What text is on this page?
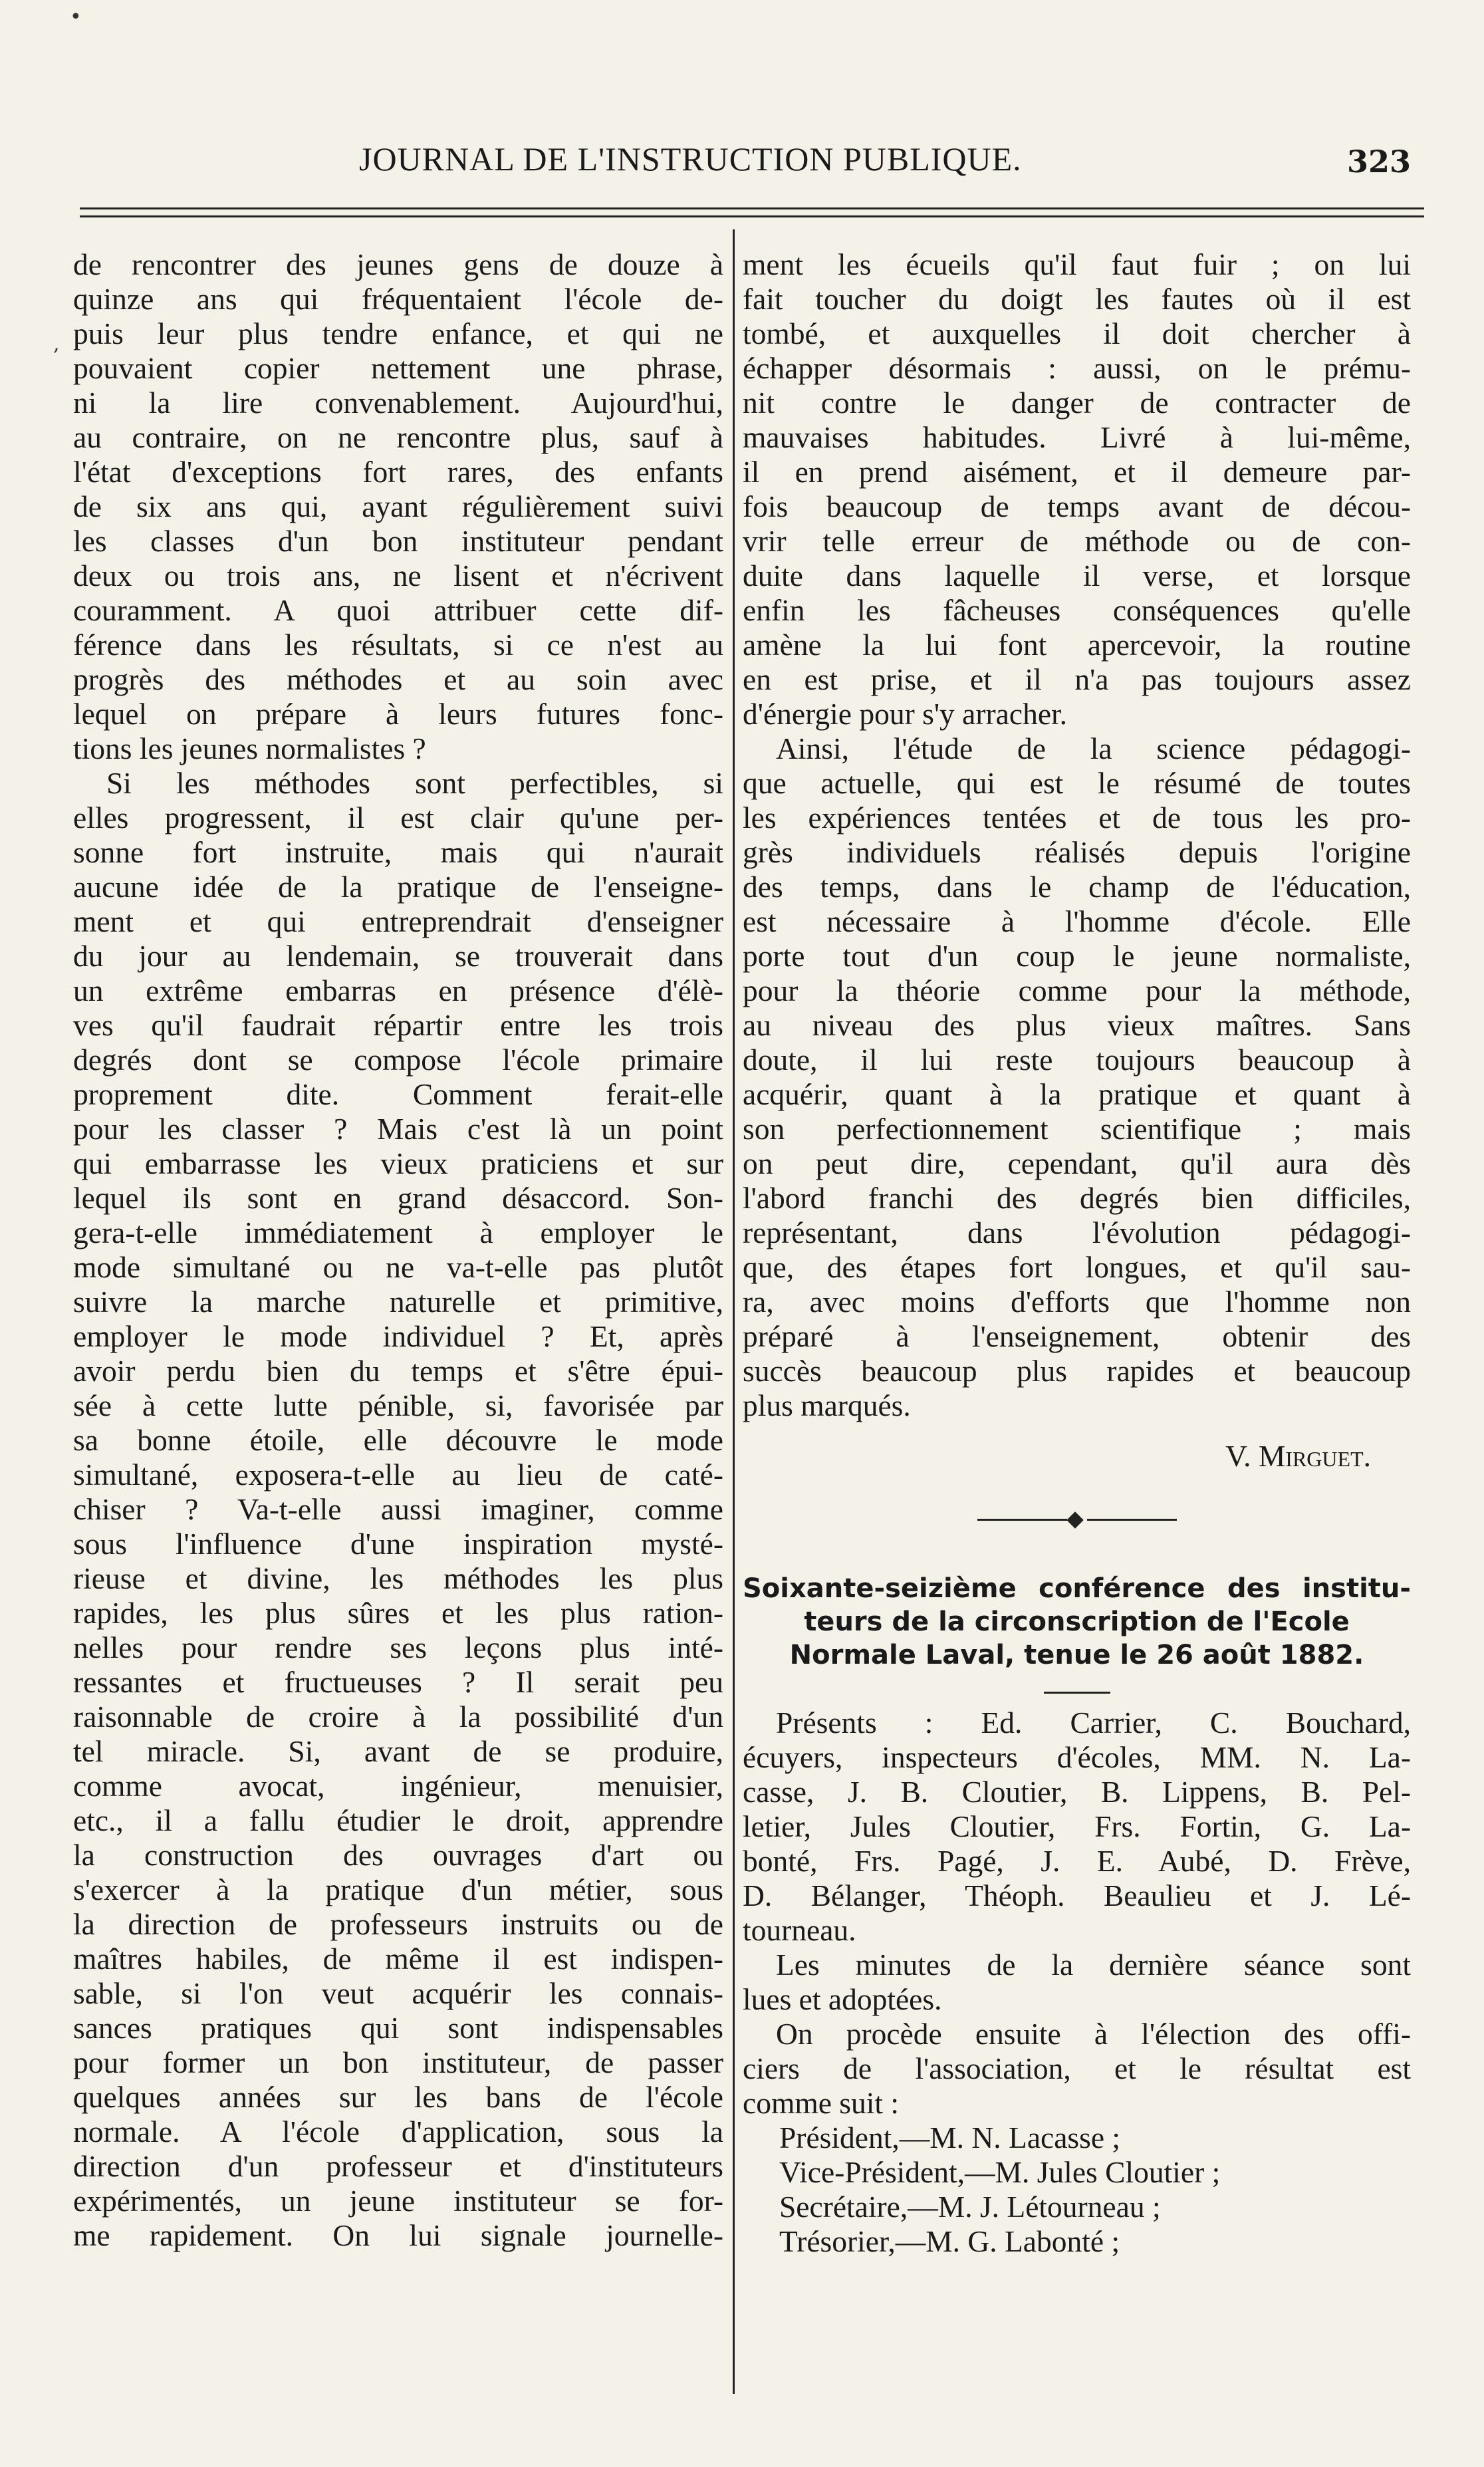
JOURNAL DE L'INSTRUCTION PUBLIQUE.	323
de rencontrer des jeunes gens de douze à
quinze ans qui fréquentaient l'école de-
puis leur plus tendre enfance, et qui ne
pouvaient copier nettement une phrase,
ni la lire convenablement. Aujourd'hui,
au contraire, on ne rencontre plus, sauf à
l'état d'exceptions fort rares, des enfants
de six ans qui, ayant régulièrement suivi
les classes d'un bon instituteur pendant
deux ou trois ans, ne lisent et n'écrivent
couramment. A quoi attribuer cette dif-
férence dans les résultats, si ce n'est au
progrès des méthodes et au soin avec
lequel on prépare à leurs futures fonc-
tions les jeunes normalistes ?
Si les méthodes sont perfectibles, si
elles progressent, il est clair qu'une per-
sonne fort instruite, mais qui n'aurait
aucune idée de la pratique de l'enseigne-
ment et qui entreprendrait d'enseigner
du jour au lendemain, se trouverait dans
un extrême embarras en présence d'élè-
ves qu'il faudrait répartir entre les trois
degrés dont se compose l'école primaire
proprement dite. Comment ferait-elle
pour les classer ? Mais c'est là un point
qui embarrasse les vieux praticiens et sur
lequel ils sont en grand désaccord. Son-
gera-t-elle immédiatement à employer le
mode simultané ou ne va-t-elle pas plutôt
suivre la marche naturelle et primitive,
employer le mode individuel ? Et, après
avoir perdu bien du temps et s'être épui-
sée à cette lutte pénible, si, favorisée par
sa bonne étoile, elle découvre le mode
simultané, exposera-t-elle au lieu de caté-
chiser ? Va-t-elle aussi imaginer, comme
sous l'influence d'une inspiration mysté-
rieuse et divine, les méthodes les plus
rapides, les plus sûres et les plus ration-
nelles pour rendre ses leçons plus inté-
ressantes et fructueuses ? Il serait peu
raisonnable de croire à la possibilité d'un
tel miracle. Si, avant de se produire,
comme avocat, ingénieur, menuisier,
etc., il a fallu étudier le droit, apprendre
la construction des ouvrages d'art ou
s'exercer à la pratique d'un métier, sous
la direction de professeurs instruits ou de
maîtres habiles, de même il est indispen-
sable, si l'on veut acquérir les connais-
sances pratiques qui sont indispensables
pour former un bon instituteur, de passer
quelques années sur les bans de l'école
normale. A l'école d'application, sous la
direction d'un professeur et d'instituteurs
expérimentés, un jeune instituteur se for-
me rapidement. On lui signale journelle-
ment les écueils qu'il faut fuir ; on lui
fait toucher du doigt les fautes où il est
tombé, et auxquelles il doit chercher à
échapper désormais : aussi, on le prému-
nit contre le danger de contracter de
mauvaises habitudes. Livré à lui-même,
il en prend aisément, et il demeure par-
fois beaucoup de temps avant de décou-
vrir telle erreur de méthode ou de con-
duite dans laquelle il verse, et lorsque
enfin les fâcheuses conséquences qu'elle
amène la lui font apercevoir, la routine
en est prise, et il n'a pas toujours assez
d'énergie pour s'y arracher.
Ainsi, l'étude de la science pédagogi-
que actuelle, qui est le résumé de toutes
les expériences tentées et de tous les pro-
grès individuels réalisés depuis l'origine
des temps, dans le champ de l'éducation,
est nécessaire à l'homme d'école. Elle
porte tout d'un coup le jeune normaliste,
pour la théorie comme pour la méthode,
au niveau des plus vieux maîtres. Sans
doute, il lui reste toujours beaucoup à
acquérir, quant à la pratique et quant à
son perfectionnement scientifique ; mais
on peut dire, cependant, qu'il aura dès
l'abord franchi des degrés bien difficiles,
représentant, dans l'évolution pédagogi-
que, des étapes fort longues, et qu'il sau-
ra, avec moins d'efforts que l'homme non
préparé à l'enseignement, obtenir des
succès beaucoup plus rapides et beaucoup
plus marqués.
V. Mirguet.
Soixante-seizième conférence des institu-
teurs de la circonscription de l'Ecole
Normale Laval, tenue le 26 août 1882.
Présents : Ed. Carrier, C. Bouchard,
écuyers, inspecteurs d'écoles, MM. N. La-
casse, J. B. Cloutier, B. Lippens, B. Pel-
letier, Jules Cloutier, Frs. Fortin, G. La-
bonté, Frs. Pagé, J. E. Aubé, D. Frève,
D. Bélanger, Théoph. Beaulieu et J. Lé-
tourneau.
Les minutes de la dernière séance sont
lues et adoptées.
On procède ensuite à l'élection des offi-
ciers de l'association, et le résultat est
comme suit :
Président,—M. N. Lacasse ;
Vice-Président,—M. Jules Cloutier ;
Secrétaire,—M. J. Létourneau ;
Trésorier,—M. G. Labonté ;
•
,
